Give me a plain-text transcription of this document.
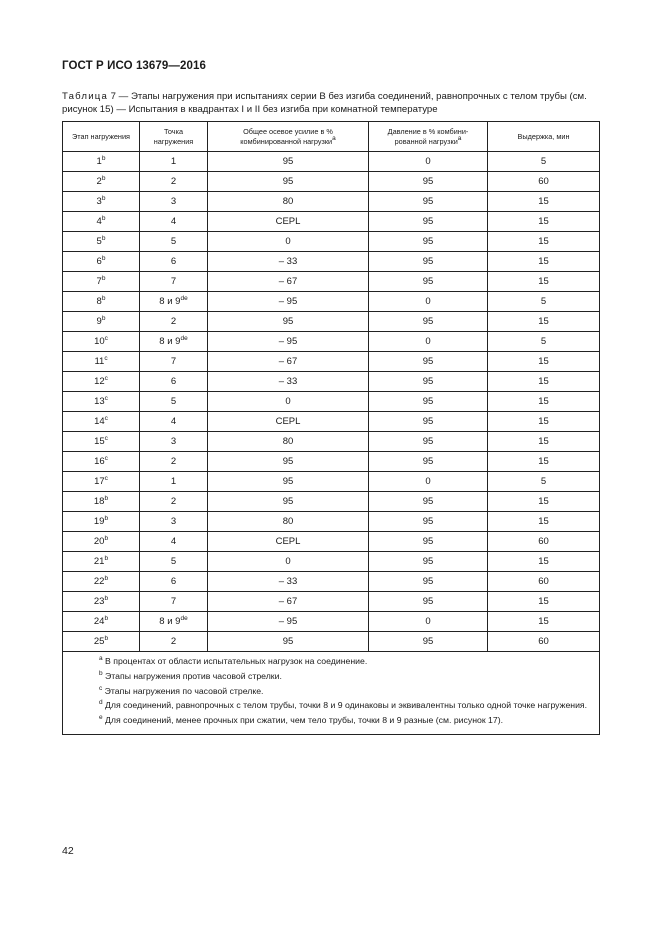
ГОСТ Р ИСО 13679—2016
Таблица 7 — Этапы нагружения при испытаниях серии B без изгиба соединений, равнопрочных с телом трубы (см. рисунок 15) — Испытания в квадрантах I и II без изгиба при комнатной температуре
Этап нагружения	Точка нагружения	Общее осевое усилие в % комбинированной нагрузки$^a$	Давление в % комбини-рованной нагрузки$^a$	Выдержка, мин
1$^b$	1	95	0	5
2$^b$	2	95	95	60
3$^b$	3	80	95	15
4$^b$	4	CEPL	95	15
5$^b$	5	0	95	15
6$^b$	6	– 33	95	15
7$^b$	7	– 67	95	15
8$^b$	8 и 9de	– 95	0	5
9$^b$	2	95	95	15
10$^c$	8 и 9de	– 95	0	5
11$^c$	7	– 67	95	15
12$^c$	6	– 33	95	15
13$^c$	5	0	95	15
14$^c$	4	CEPL	95	15
15$^c$	3	80	95	15
16$^c$	2	95	95	15
17$^c$	1	95	0	5
18$^b$	2	95	95	15
19$^b$	3	80	95	15
20$^b$	4	CEPL	95	60
21$^b$	5	0	95	15
22$^b$	6	– 33	95	60
23$^b$	7	– 67	95	15
24$^b$	8 и 9de	– 95	0	15
25$^b$	2	95	95	60

$^a$ В процентах от области испытательных нагрузок на соединение.
$^b$ Этапы нагружения против часовой стрелки.
$^c$ Этапы нагружения по часовой стрелке.
$^d$ Для соединений, равнопрочных с телом трубы, точки 8 и 9 одинаковы и эквивалентны только одной точке нагружения.
$^e$ Для соединений, менее прочных при сжатии, чем тело трубы, точки 8 и 9 разные (см. рисунок 17).				
42
